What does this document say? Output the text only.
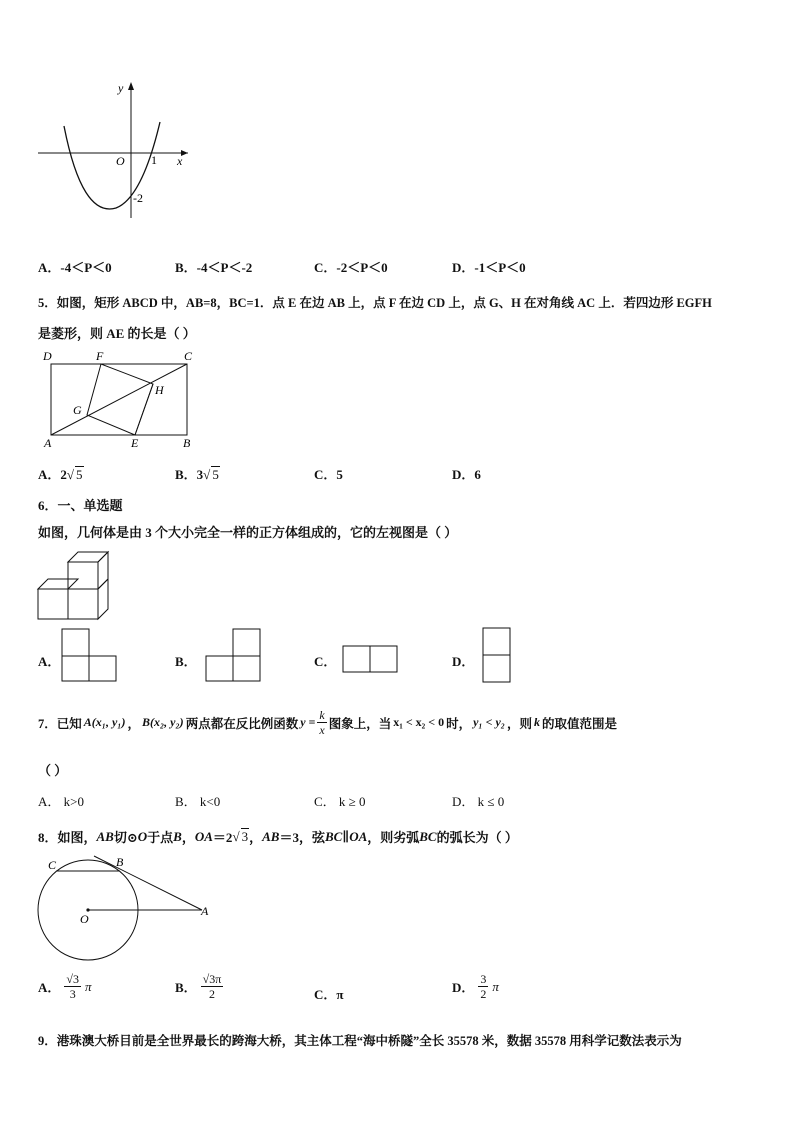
y
x
O 1
-2
A．-4＜P＜0	B．-4＜P＜-2	C．-2＜P＜0	D．-1＜P＜0
5．如图，矩形 ABCD 中，AB=8，BC=1．点 E 在边 AB 上，点 F 在边 CD 上，点 G、H 在对角线 AC 上．若四边形 EGFH
是菱形，则 AE 的长是（ ）
D	F	C
H
G
A	E	B
A．2√ 5	B．3√ 5	C．5	D．6
6．一、单选题
如图，几何体是由 3 个大小完全一样的正方体组成的，它的左视图是（ ）
A．	B．	C．	D．
7．已知 A(x₁, y₁) ， B(x₂, y₂) 两点都在反比例函数 $y = \frac{k}{x}$ 图象上，当 x₁ < x₂ < 0 时， y₁ < y₂ ，则 k 的取值范围是
（ ）
A． k>0	B． k<0	C． k ≥ 0	D． k ≤ 0
8．如图， AB 切⊙ O 于点 B ， OA ＝2 √ 3 ， AB ＝3，弦 BC ∥ OA ，则劣弧 BC 的弧长为（ ）
C	B
O
A
A． $\frac{√3}{3}$ π	B． $\frac{√3\pi}{2}$	C．π	D． $\frac{3}{2}$ π
9．港珠澳大桥目前是全世界最长的跨海大桥，其主体工程“海中桥隧”全长 35578 米，数据 35578 用科学记数法表示为
